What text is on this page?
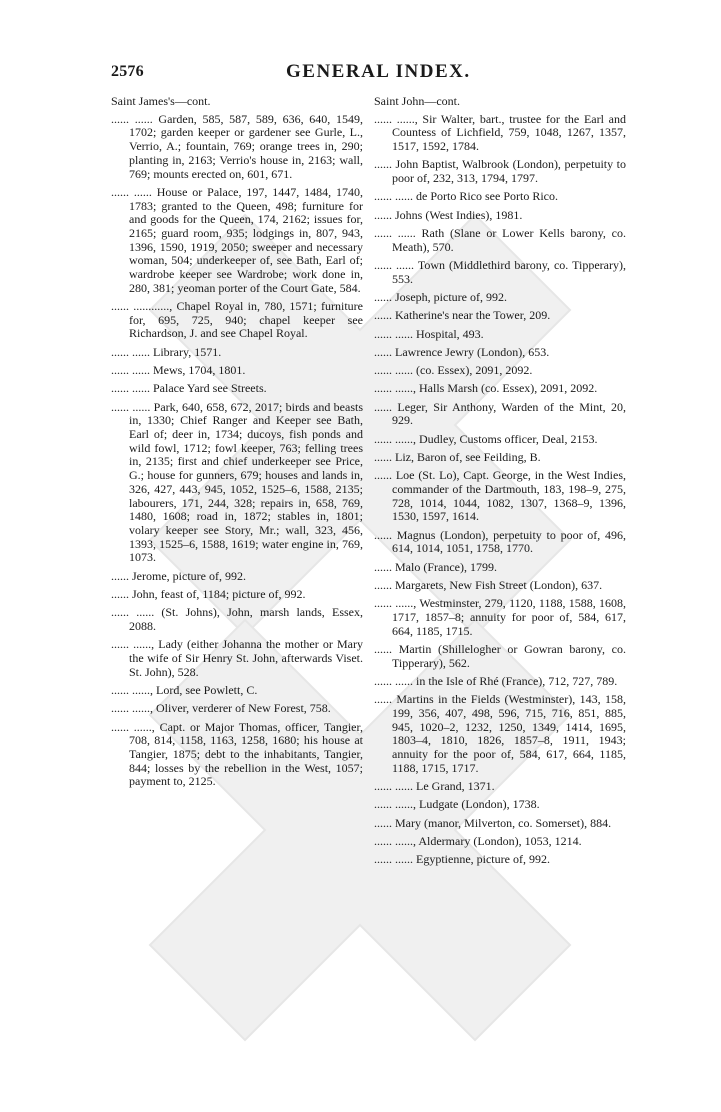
2576	GENERAL INDEX.
Saint James's—cont.
...... ...... Garden, 585, 587, 589, 636, 640, 1549, 1702; garden keeper or gardener see Gurle, L., Verrio, A.; fountain, 769; orange trees in, 290; planting in, 2163; Verrio's house in, 2163; wall, 769; mounts erected on, 601, 671.
...... ...... House or Palace, 197, 1447, 1484, 1740, 1783; granted to the Queen, 498; furniture for and goods for the Queen, 174, 2162; issues for, 2165; guard room, 935; lodgings in, 807, 943, 1396, 1590, 1919, 2050; sweeper and necessary woman, 504; underkeeper of, see Bath, Earl of; wardrobe keeper see Wardrobe; work done in, 280, 381; yeoman porter of the Court Gate, 584.
...... ............, Chapel Royal in, 780, 1571; furniture for, 695, 725, 940; chapel keeper see Richardson, J. and see Chapel Royal.
...... ...... Library, 1571.
...... ...... Mews, 1704, 1801.
...... ...... Palace Yard see Streets.
...... ...... Park, 640, 658, 672, 2017; birds and beasts in, 1330; Chief Ranger and Keeper see Bath, Earl of; deer in, 1734; ducoys, fish ponds and wild fowl, 1712; fowl keeper, 763; felling trees in, 2135; first and chief underkeeper see Price, G.; house for gunners, 679; houses and lands in, 326, 427, 443, 945, 1052, 1525–6, 1588, 2135; labourers, 171, 244, 328; repairs in, 658, 769, 1480, 1608; road in, 1872; stables in, 1801; volary keeper see Story, Mr.; wall, 323, 456, 1393, 1525–6, 1588, 1619; water engine in, 769, 1073.
...... Jerome, picture of, 992.
...... John, feast of, 1184; picture of, 992.
...... ...... (St. Johns), John, marsh lands, Essex, 2088.
...... ......, Lady (either Johanna the mother or Mary the wife of Sir Henry St. John, afterwards Viset. St. John), 528.
...... ......, Lord, see Powlett, C.
...... ......, Oliver, verderer of New Forest, 758.
...... ......, Capt. or Major Thomas, officer, Tangier, 708, 814, 1158, 1163, 1258, 1680; his house at Tangier, 1875; debt to the inhabitants, Tangier, 844; losses by the rebellion in the West, 1057; payment to, 2125.
Saint John—cont.
...... ......, Sir Walter, bart., trustee for the Earl and Countess of Lichfield, 759, 1048, 1267, 1357, 1517, 1592, 1784.
...... John Baptist, Walbrook (London), perpetuity to poor of, 232, 313, 1794, 1797.
...... ...... de Porto Rico see Porto Rico.
...... Johns (West Indies), 1981.
...... ...... Rath (Slane or Lower Kells barony, co. Meath), 570.
...... ...... Town (Middlethird barony, co. Tipperary), 553.
...... Joseph, picture of, 992.
...... Katherine's near the Tower, 209.
...... ...... Hospital, 493.
...... Lawrence Jewry (London), 653.
...... ...... (co. Essex), 2091, 2092.
...... ......, Halls Marsh (co. Essex), 2091, 2092.
...... Leger, Sir Anthony, Warden of the Mint, 20, 929.
...... ......, Dudley, Customs officer, Deal, 2153.
...... Liz, Baron of, see Feilding, B.
...... Loe (St. Lo), Capt. George, in the West Indies, commander of the Dartmouth, 183, 198–9, 275, 728, 1014, 1044, 1082, 1307, 1368–9, 1396, 1530, 1597, 1614.
...... Magnus (London), perpetuity to poor of, 496, 614, 1014, 1051, 1758, 1770.
...... Malo (France), 1799.
...... Margarets, New Fish Street (London), 637.
...... ......, Westminster, 279, 1120, 1188, 1588, 1608, 1717, 1857–8; annuity for poor of, 584, 617, 664, 1185, 1715.
...... Martin (Shillelogher or Gowran barony, co. Tipperary), 562.
...... ...... in the Isle of Rhé (France), 712, 727, 789.
...... Martins in the Fields (Westminster), 143, 158, 199, 356, 407, 498, 596, 715, 716, 851, 885, 945, 1020–2, 1232, 1250, 1349, 1414, 1695, 1803–4, 1810, 1826, 1857–8, 1911, 1943; annuity for the poor of, 584, 617, 664, 1185, 1188, 1715, 1717.
...... ...... Le Grand, 1371.
...... ......, Ludgate (London), 1738.
...... Mary (manor, Milverton, co. Somerset), 884.
...... ......, Aldermary (London), 1053, 1214.
...... ...... Egyptienne, picture of, 992.
